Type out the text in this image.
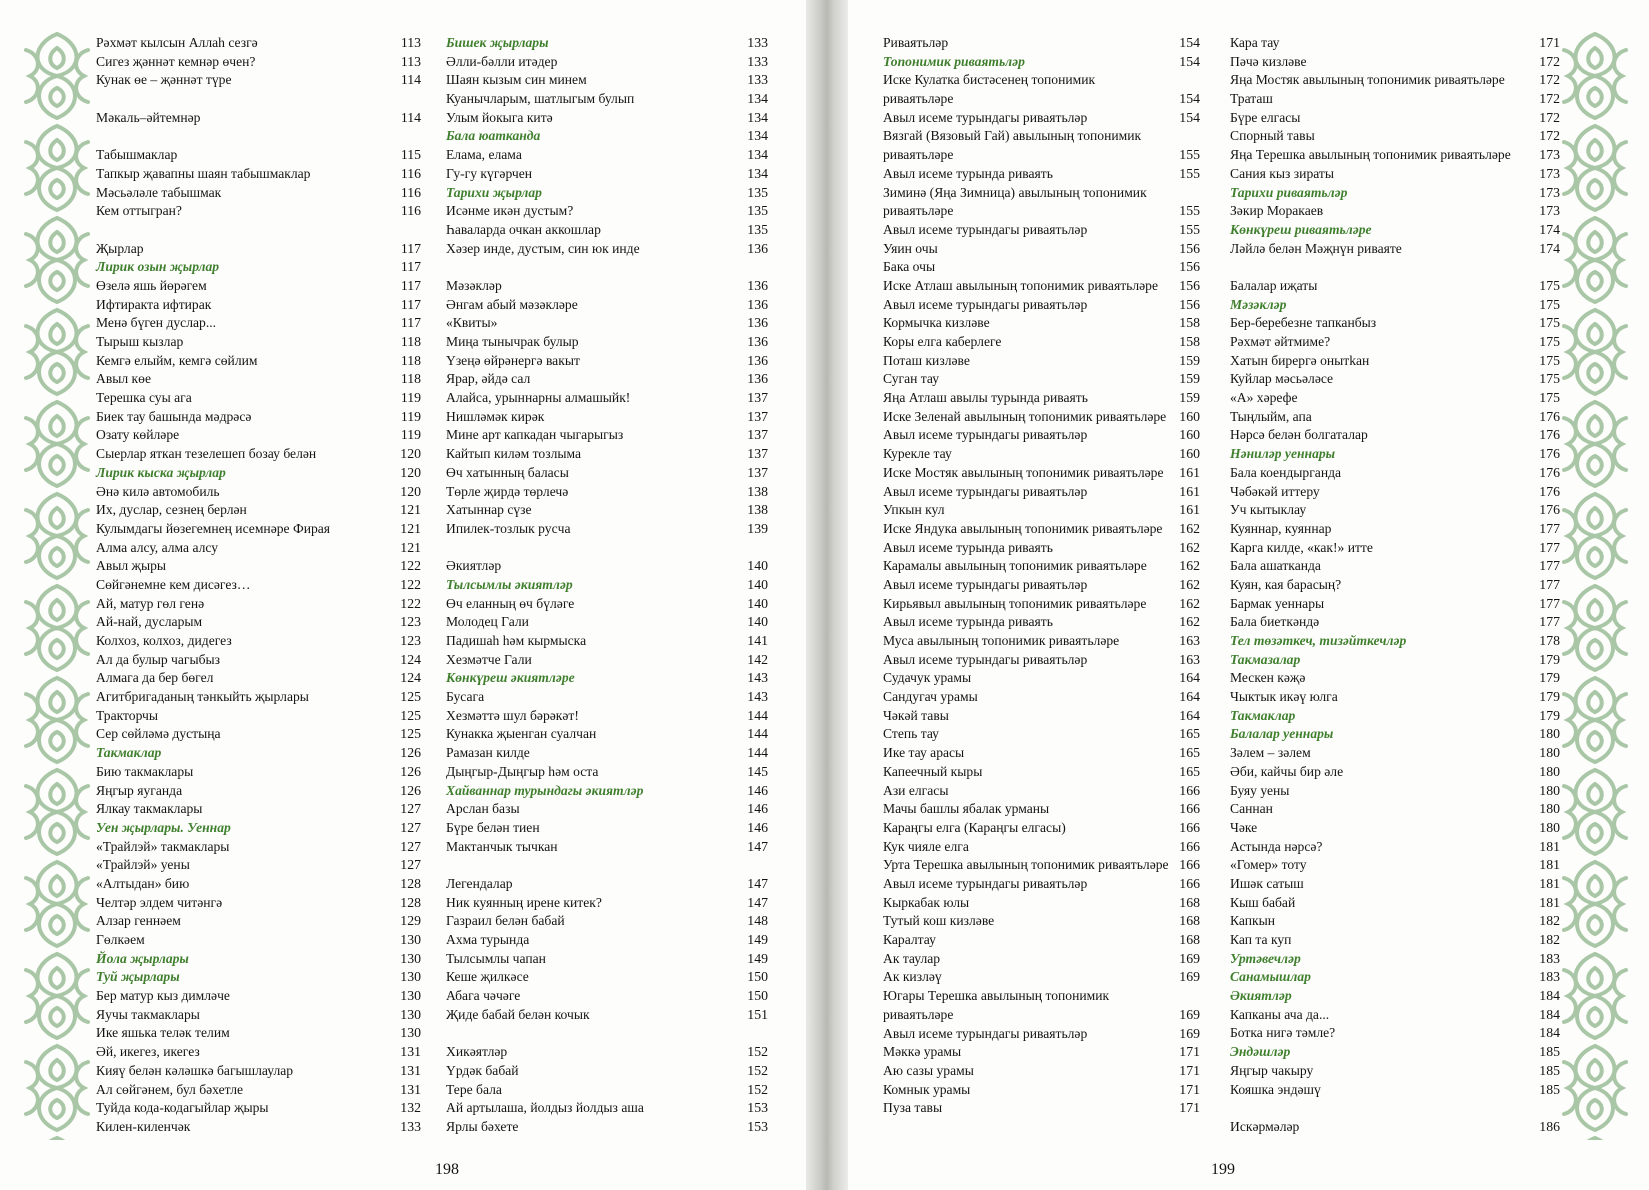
Рәхмәт кылсын Аллаһ сезгә	113
Сигез җәннәт кемнәр өчен?	113
Кунак өе – җәннәт түре	114
Мәкаль–әйтемнәр	114
Табышмаклар	115
Тапкыр җавапны шаян табышмаклар	116
Мәсьәләле табышмак	116
Кем оттыгран?	116
Җырлар	117
Лирик озын җырлар	117
Өзелә яшь йөрәгем	117
Ифтиракта ифтирак	117
Менә бүген дуслар...	117
Тырыш кызлар	118
Кемгә елыйм, кемгә сөйлим	118
Авыл көе	118
Терешка суы ага	119
Биек тау башында мәдрәсә	119
Озату көйләре	119
Сыерлар яткан тезелешеп бозау белән	120
Лирик кыска җырлар	120
Әнә килә автомобиль	120
Их, дуслар, сезнең берлән	121
Кулымдагы йөзегемнең исемнәре Фирая	121
Алма алсу, алма алсу	121
Авыл җыры	122
Сөйгәнемне кем дисәгез…	122
Ай, матур гөл генә	122
Ай-най, дусларым	123
Колхоз, колхоз, дидегез	123
Ал да булыр чагыбыз	124
Алмага да бер бөгел	124
Агитбригаданың тәнкыйть җырлары	125
Тракторчы	125
Сер сөйләмә дустыңа	125
Такмаклар	126
Бию такмаклары	126
Яңгыр яуганда	126
Ялкау такмаклары	127
Уен җырлары. Уеннар	127
«Трайлэй» такмаклары	127
«Трайлэй» уены	127
«Алтыдан» бию	128
Челтәр элдем читәнгә	128
Алзар геннәем	129
Гөлкәем	130
Йола җырлары	130
Туй җырлары	130
Бер матур кыз димләче	130
Яучы такмаклары	130
Ике яшька теләк телим	130
Әй, икегез, икегез	131
Кияү белән кәләшкә багышлаулар	131
Ал сөйгәнем, бул бәхетле	131
Туйда кода-кодагыйлар җыры	132
Килен-киленчәк	133
Бишек җырлары	133
Әлли-бәлли итәдер	133
Шаян кызым син минем	133
Куанычларым, шатлыгым булып	134
Улым йокыга китә	134
Бала юатканда	134
Елама, елама	134
Гу-гу күгәрчен	134
Тарихи җырлар	135
Исәнме икән дустым?	135
Һаваларда очкан аккошлар	135
Хәзер инде, дустым, син юк инде	136
Мәзәкләр	136
Әнгам абый мәзәкләре	136
«Квиты»	136
Миңа тынычрак булыр	136
Үзеңә өйрәнергә вакыт	136
Ярар, әйдә сал	136
Алайса, урыннарны алмашыйк!	137
Нишләмәк кирәк	137
Мине арт капкадан чыгарыгыз	137
Кайтып киләм тозлыма	137
Өч хатынның баласы	137
Төрле җирдә төрлечә	138
Хатыннар сүзе	138
Ипилек-тозлык руcча	139
Әкиятләр	140
Тылсымлы әкиятләр	140
Өч еланның өч бүләге	140
Молодец Гали	140
Падишаһ һәм кырмыска	141
Хезмәтче Гали	142
Көнкүреш әкиятләре	143
Бусага	143
Хезмәттә шул бәрәкәт!	144
Кунакка җыенган суалчан	144
Рамазан килде	144
Дыңгыр-Дыңгыр һәм оста	145
Хайваннар турындагы әкиятләр	146
Арслан базы	146
Бүре белән тиен	146
Мактанчык тычкан	147
Легендалар	147
Ник куянның ирене китек?	147
Газраил белән бабай	148
Ахма турында	149
Тылсымлы чапан	149
Кеше җилкәсе	150
Абага чәчәге	150
Җиде бабай белән кочык	151
Хикәятләр	152
Үрдәк бабай	152
Тере бала	152
Ай артылаша, йолдыз йолдыз аша	153
Ярлы бәхете	153
198
Риваятьләр	154
Топонимик риваятьләр	154
Иске Кулатка бистәсенең топонимик риваятьләре	154
Авыл исеме турындагы риваятьләр	154
Вязгай (Вязовый Гай) авылының топонимик риваятьләре	155
Авыл исеме турында риваять	155
Зиминә (Яңа Зимница) авылының топонимик риваятьләре	155
Авыл исеме турындагы риваятьләр	155
Уяин очы	156
Бака очы	156
Иске Атлаш авылының топонимик риваятьләре 156
Авыл исеме турындагы риваятьләр	156
Кормычка кизләве	158
Коры елга каберлеге	158
Поташ кизләве	159
Суган тау	159
Яңа Атлаш авылы турында риваять	159
Иске Зеленай авылының топонимик риваятьләре 160
Авыл исеме турындагы риваятьләр	160
Курекле тау	160
Иске Мостяк авылының топонимик риваятьләре 161
Авыл исеме турындагы риваятьләр	161
Упкын кул	161
Иске Яндука авылының топонимик риваятьләре 162
Авыл исеме турында риваять	162
Карамалы авылының топонимик риваятьләре 162
Авыл исеме турындагы риваятьләр	162
Кирьявыл авылының топонимик риваятьләре 162
Авыл исеме турында риваять	162
Муса авылының топонимик риваятьләре	163
Авыл исеме турындагы риваятьләр	163
Судачук урамы	164
Сандугач урамы	164
Чәкәй тавы	164
Степь тау	165
Ике тау арасы	165
Капеечный кыры	165
Ази елгасы	166
Мачы башлы ябалак урманы	166
Караңгы елга (Караңгы елгасы)	166
Кук чияле елга	166
Урта Терешка авылының топонимик риваятьләре 166
Авыл исеме турындагы риваятьләр	166
Кыркабак юлы	168
Тутый кош кизләве	168
Каралтау	168
Ак таулар	169
Ак кизләү	169
Югары Терешка авылының топонимик риваятьләре	169
Авыл исеме турындагы риваятьләр	169
Мәккә урамы	171
Аю сазы урамы	171
Комнык урамы	171
Пуза тавы	171
Кара тау	171
Пәчә кизләве	172
Яңа Мостяк авылының топонимик риваятьләре	172
Траташ	172
Бүре елгасы	172
Спорный тавы	172
Яңа Терешка авылының топонимик риваятьләре 173
Сания кыз зираты	173
Тарихи риваятьләр	173
Зәкир Моракаев	173
Көнкүреш риваятьләре	174
Ләйлә белән Мәҗнүн риваяте	174
Балалар иҗаты	175
Мәзәкләр	175
Бер-беребезне тапканбыз	175
Рәхмәт әйтмиме?	175
Хатын бирергә онытkан	175
Куйлар мәсьәләсе	175
«А» хәрефе	175
Тыңлыйм, апа	176
Нәрсә белән болгаталар	176
Нәниләр уеннары	176
Бала коендырганда	176
Чәбәкәй иттеру	176
Уч кытыклау	176
Куяннар, куяннар	177
Карга килде, «как!» итте	177
Бала ашатканда	177
Куян, кая барасың?	177
Бармак уеннары	177
Бала биеткәндә	177
Тел төзәткеч, тизәйткечләр	178
Такмазалар	179
Мескен кәҗә	179
Чыктык икәү юлга	179
Такмаклар	179
Балалар уеннары	180
Зәлем – зәлем	180
Әби, кайчы бир әле	180
Буяу уены	180
Саннан	180
Чәке	180
Астында нәрсә?	181
«Гомер» тоту	181
Ишәк сатыш	181
Кыш бабай	181
Капкын	182
Кап та куп	182
Уртәвечләр	183
Санамышлар	183
Әкиятләр	184
Капканы ача да...	184
Ботка нигә тәмле?	184
Эндәшләр	185
Яңгыр чакыру	185
Кояшка эндәшү	185
Искәрмәләр	186
199
